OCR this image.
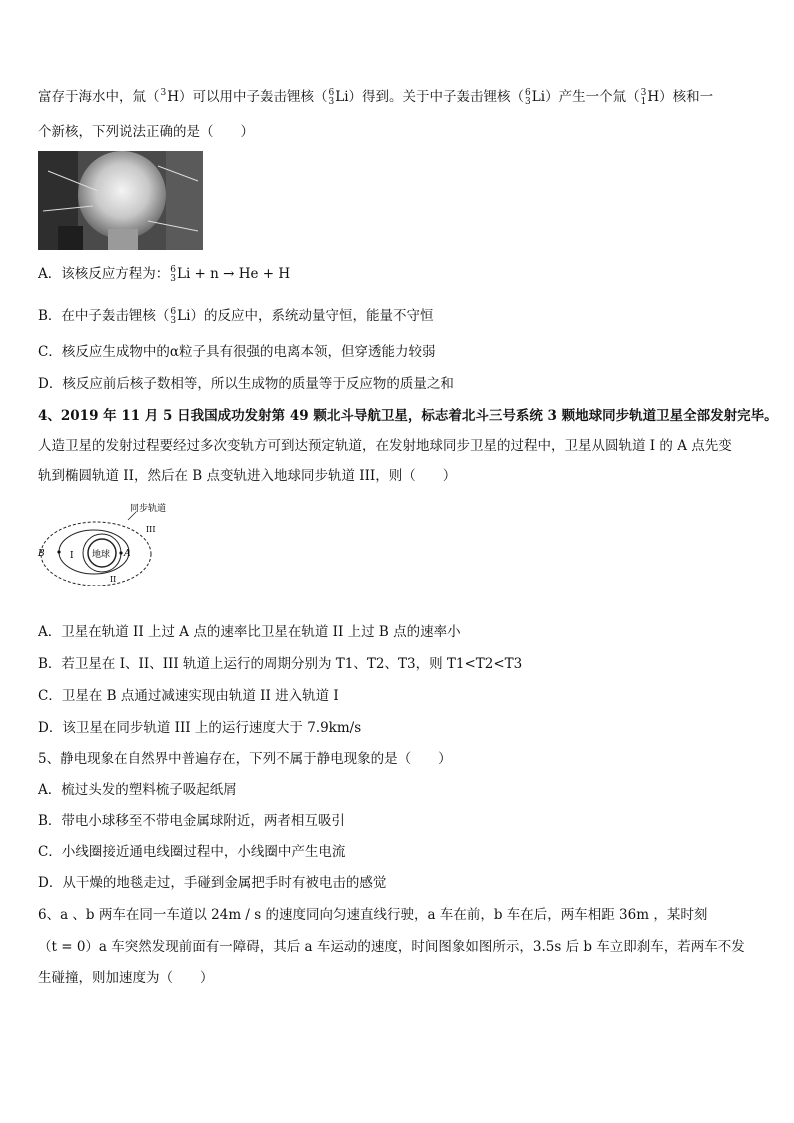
富存于海水中，氚（ 3
H）可以用中子轰击锂核（ 6
3 Li）得到。关于中子轰击锂核（ 6
3 Li）产生一个氚（ 3
1 H）核和一
个新核，下列说法正确的是（　　）
A．该核反应方程为： 6
3 Li + n → He + H
B．在中子轰击锂核（ 6
3 Li）的反应中，系统动量守恒，能量不守恒
C．核反应生成物中的α粒子具有很强的电离本领，但穿透能力较弱
D．核反应前后核子数相等，所以生成物的质量等于反应物的质量之和
4、2019 年 11 月 5 日我国成功发射第 49 颗北斗导航卫星，标志着北斗三号系统 3 颗地球同步轨道卫星全部发射完毕。
人造卫星的发射过程要经过多次变轨方可到达预定轨道，在发射地球同步卫星的过程中，卫星从圆轨道 I 的 A 点先变
轨到椭圆轨道 II，然后在 B 点变轨进入地球同步轨道 III，则（　　）
同步轨道
地球
I
II
III
A
B
A．卫星在轨道 II 上过 A 点的速率比卫星在轨道 II 上过 B 点的速率小
B．若卫星在 I、II、III 轨道上运行的周期分别为 T1、T2、T3，则 T1<T2<T3
C．卫星在 B 点通过减速实现由轨道 II 进入轨道 I
D．该卫星在同步轨道 III 上的运行速度大于 7.9km/s
5、静电现象在自然界中普遍存在，下列不属于静电现象的是（　　）
A．梳过头发的塑料梳子吸起纸屑
B．带电小球移至不带电金属球附近，两者相互吸引
C．小线圈接近通电线圈过程中，小线圈中产生电流
D．从干燥的地毯走过，手碰到金属把手时有被电击的感觉
6、a 、b 两车在同一车道以 24m / s 的速度同向匀速直线行驶，a 车在前，b 车在后，两车相距 36m ，某时刻
（t = 0）a 车突然发现前面有一障碍，其后 a 车运动的速度，时间图象如图所示，3.5s 后 b 车立即刹车，若两车不发
生碰撞，则加速度为（　　）
